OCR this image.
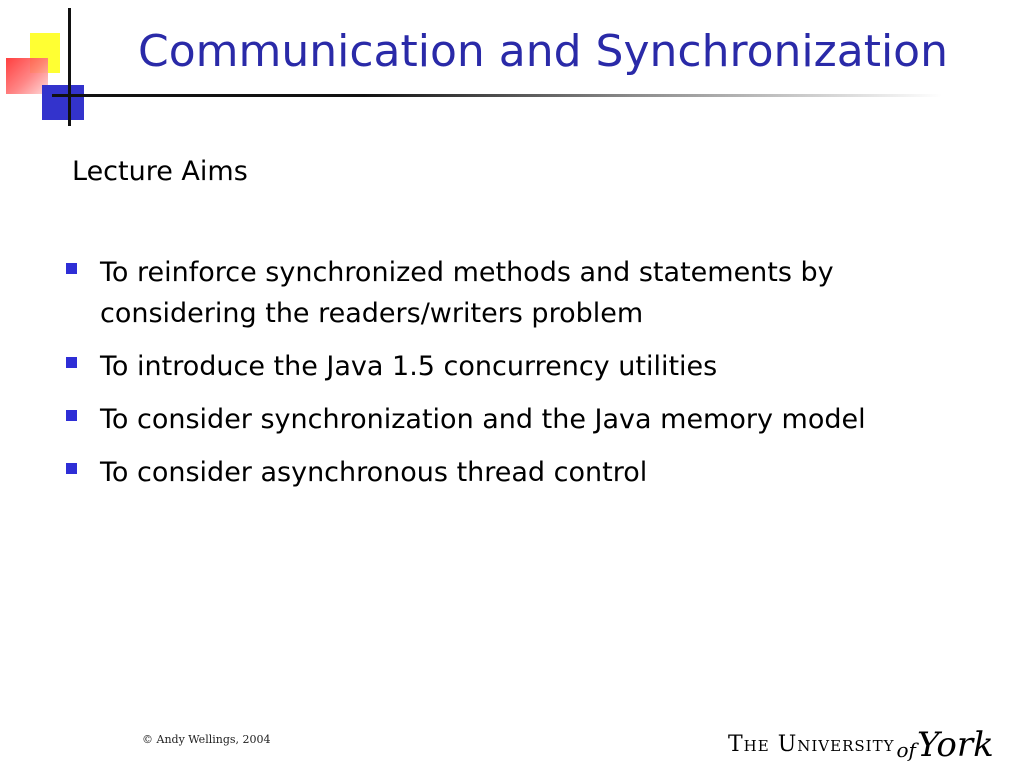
Communication and Synchronization
Lecture Aims
To reinforce synchronized methods and statements by
considering the readers/writers problem
To introduce the Java 1.5 concurrency utilities
To consider synchronization and the Java memory model
To consider asynchronous thread control
© Andy Wellings, 2004	The University of York
